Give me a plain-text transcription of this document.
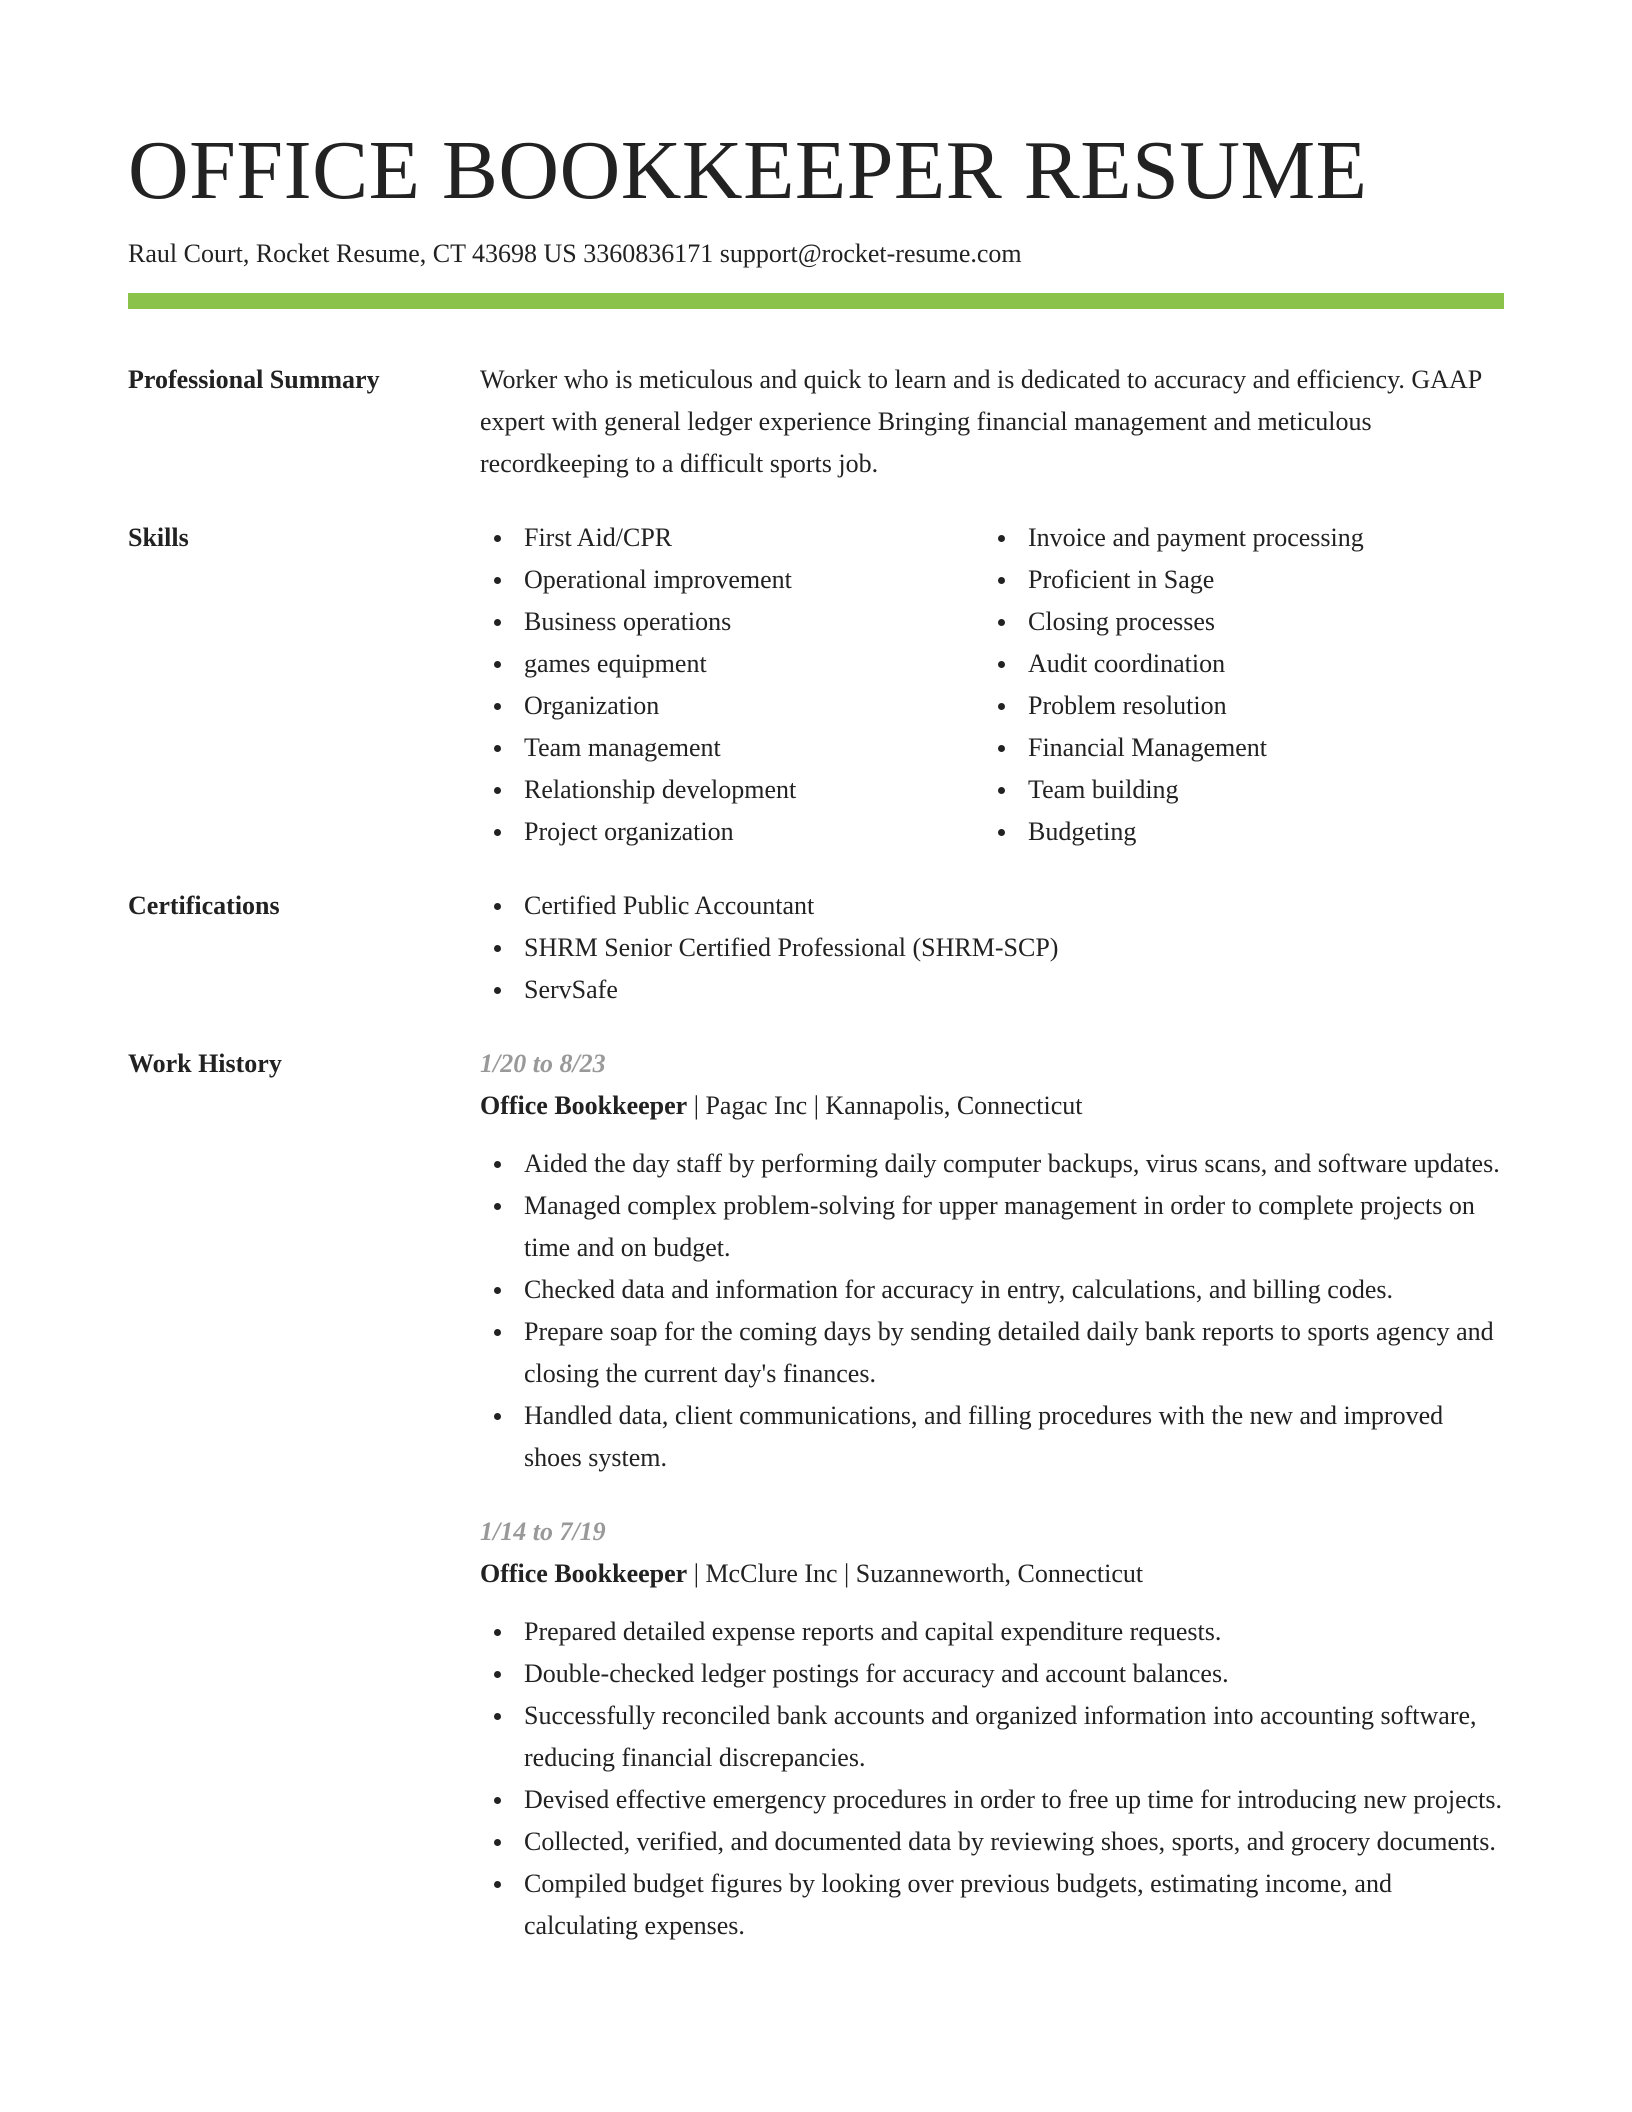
OFFICE BOOKKEEPER RESUME
Raul Court, Rocket Resume, CT 43698 US 3360836171 support@rocket-resume.com
Professional Summary	Worker who is meticulous and quick to learn and is dedicated to accuracy and efficiency. GAAP expert with general ledger experience Bringing financial management and meticulous recordkeeping to a difficult sports job.
Skills	First Aid/CPR
Operational improvement
Business operations
games equipment
Organization
Team management
Relationship development
Project organization
Invoice and payment processing
Proficient in Sage
Closing processes
Audit coordination
Problem resolution
Financial Management
Team building
Budgeting
Certifications	Certified Public Accountant
SHRM Senior Certified Professional (SHRM-SCP)
ServSafe
Work History	1/20 to 8/23
Office Bookkeeper | Pagac Inc | Kannapolis, Connecticut
Aided the day staff by performing daily computer backups, virus scans, and software updates.
Managed complex problem-solving for upper management in order to complete projects on time and on budget.
Checked data and information for accuracy in entry, calculations, and billing codes.
Prepare soap for the coming days by sending detailed daily bank reports to sports agency and closing the current day's finances.
Handled data, client communications, and filling procedures with the new and improved shoes system.
1/14 to 7/19
Office Bookkeeper | McClure Inc | Suzanneworth, Connecticut
Prepared detailed expense reports and capital expenditure requests.
Double-checked ledger postings for accuracy and account balances.
Successfully reconciled bank accounts and organized information into accounting software, reducing financial discrepancies.
Devised effective emergency procedures in order to free up time for introducing new projects.
Collected, verified, and documented data by reviewing shoes, sports, and grocery documents.
Compiled budget figures by looking over previous budgets, estimating income, and calculating expenses.
